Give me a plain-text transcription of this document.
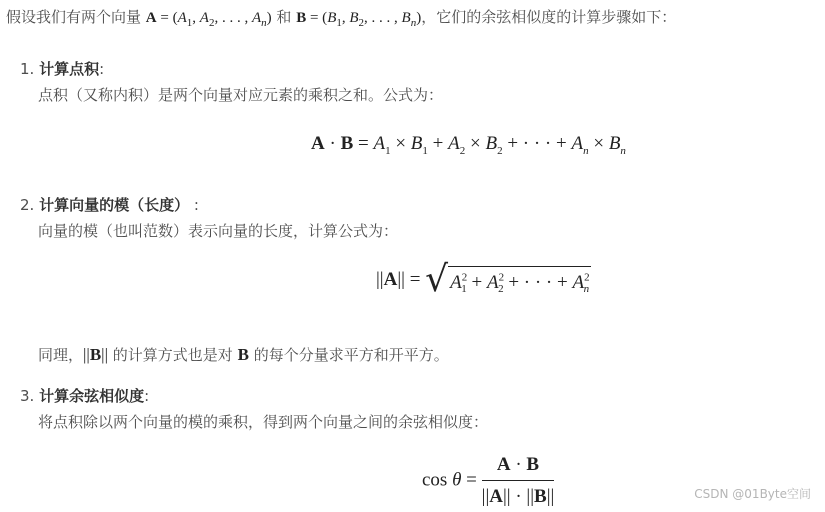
假设我们有两个向量 $A = (A_1$, $A_2$, . . . , $A_n$) 和 $B = (B_1$, $B_2$, . . . , $B_n$)，它们的余弦相似度的计算步骤如下：
1. 计算点积:
点积（又称内积）是两个向量对应元素的乘积之和。公式为：
$A \cdot B = A_1 \times B_1 + A_2 \times B_2$ + · · · + $A_n \times B_n$
2. 计算向量的模（长度） :
向量的模（也叫范数）表示向量的长度，计算公式为：
||A|| = √ $A^2_1 + A^2_2$ + · · · + $A^2_n$
同理，||B|| 的计算方式也是对 B 的每个分量求平方和开平方。
3. 计算余弦相似度:
将点积除以两个向量的模的乘积，得到两个向量之间的余弦相似度：
$\cos \theta = \frac{A \cdot B}{||A|| \cdot ||B||}$	CSDN @01Byte空间
